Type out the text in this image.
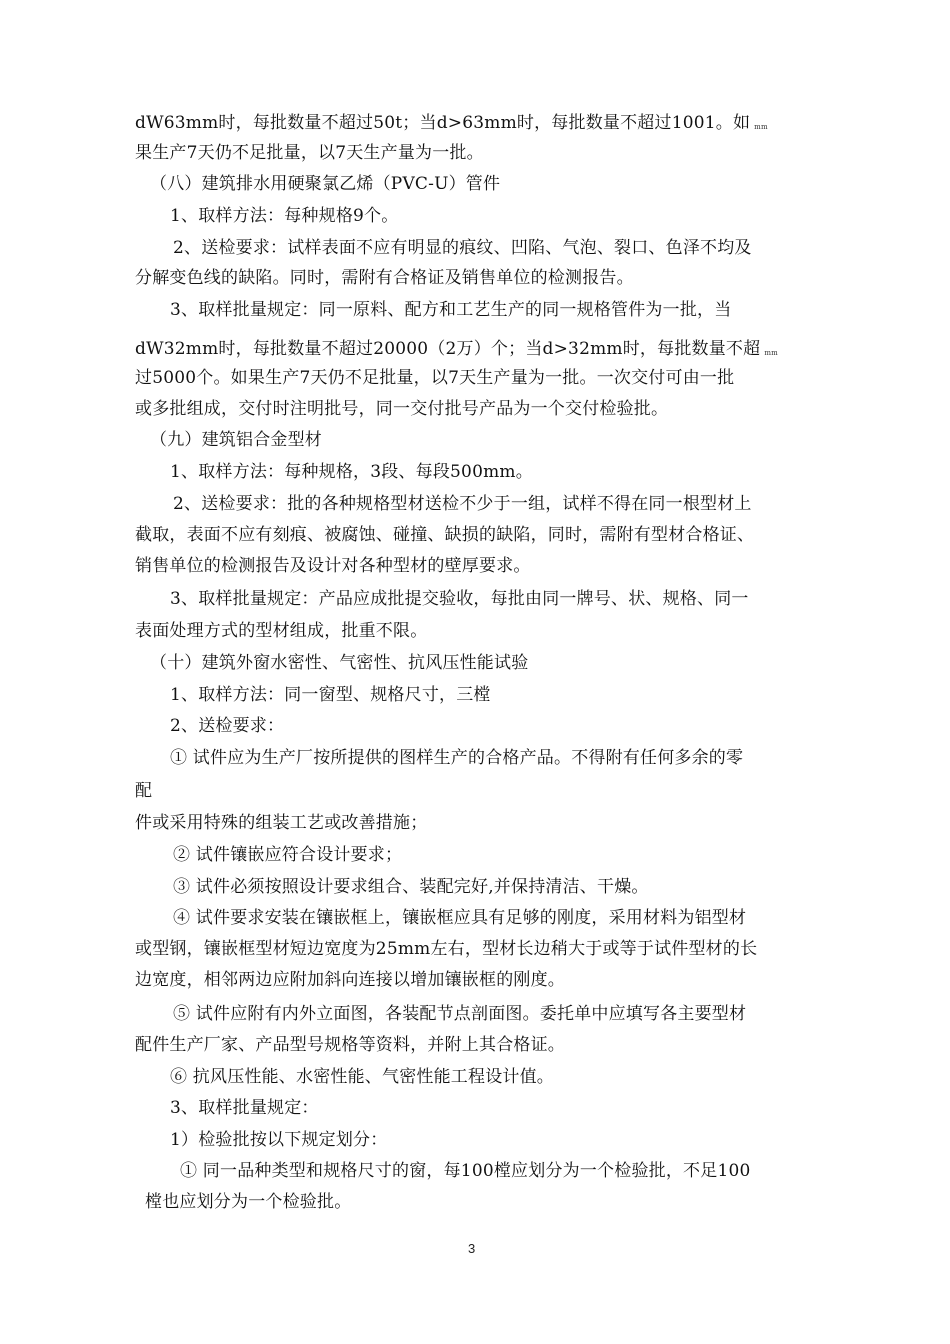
dW63mm时，每批数量不超过50t；当d>63mm时，每批数量不超过1001。如 mm
果生产7天仍不足批量，以7天生产量为一批。
（八）建筑排水用硬聚氯乙烯（PVC-U）管件
1、取样方法：每种规格9个。
2、送检要求：试样表面不应有明显的痕纹、凹陷、气泡、裂口、色泽不均及
分解变色线的缺陷。同时，需附有合格证及销售单位的检测报告。
3、取样批量规定：同一原料、配方和工艺生产的同一规格管件为一批，当
dW32mm时，每批数量不超过20000（2万）个；当d>32mm时，每批数量不超 mm
过5000个。如果生产7天仍不足批量，以7天生产量为一批。一次交付可由一批
或多批组成，交付时注明批号，同一交付批号产品为一个交付检验批。
（九）建筑铝合金型材
1、取样方法：每种规格，3段、每段500mm。
2、送检要求：批的各种规格型材送检不少于一组，试样不得在同一根型材上
截取，表面不应有刻痕、被腐蚀、碰撞、缺损的缺陷，同时，需附有型材合格证、
销售单位的检测报告及设计对各种型材的壁厚要求。
3、取样批量规定：产品应成批提交验收，每批由同一牌号、状、规格、同一
表面处理方式的型材组成，批重不限。
（十）建筑外窗水密性、气密性、抗风压性能试验
1、取样方法：同一窗型、规格尺寸，三樘
2、送检要求：
① 试件应为生产厂按所提供的图样生产的合格产品。不得附有任何多余的零
配
件或采用特殊的组装工艺或改善措施；
② 试件镶嵌应符合设计要求；
③ 试件必须按照设计要求组合、装配完好,并保持清洁、干燥。
④ 试件要求安装在镶嵌框上，镶嵌框应具有足够的刚度，采用材料为铝型材
或型钢，镶嵌框型材短边宽度为25mm左右，型材长边稍大于或等于试件型材的长
边宽度，相邻两边应附加斜向连接以增加镶嵌框的刚度。
⑤ 试件应附有内外立面图，各装配节点剖面图。委托单中应填写各主要型材
配件生产厂家、产品型号规格等资料，并附上其合格证。
⑥ 抗风压性能、水密性能、气密性能工程设计值。
3、取样批量规定：
1）检验批按以下规定划分：
① 同一品种类型和规格尺寸的窗，每100樘应划分为一个检验批，不足100
樘也应划分为一个检验批。
3
